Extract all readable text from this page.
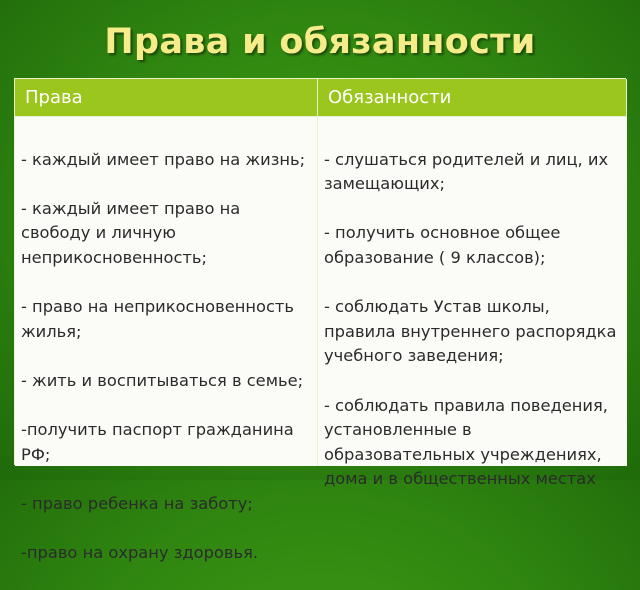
Права и обязанности
Права	Обязанности

- каждый имеет право на жизнь;

- каждый имеет право на свободу и личную неприкосновенность;

- право на неприкосновенность жилья;

- жить и воспитываться в семье;

-получить паспорт гражданина РФ;

- право ребенка на заботу;

-право на охрану здоровья.

- слушаться родителей и лиц, их замещающих;

- получить основное общее образование ( 9 классов);

- соблюдать Устав школы, правила внутреннего распорядка учебного заведения;

- соблюдать правила поведения, установленные в образовательных учреждениях, дома и в общественных местах
